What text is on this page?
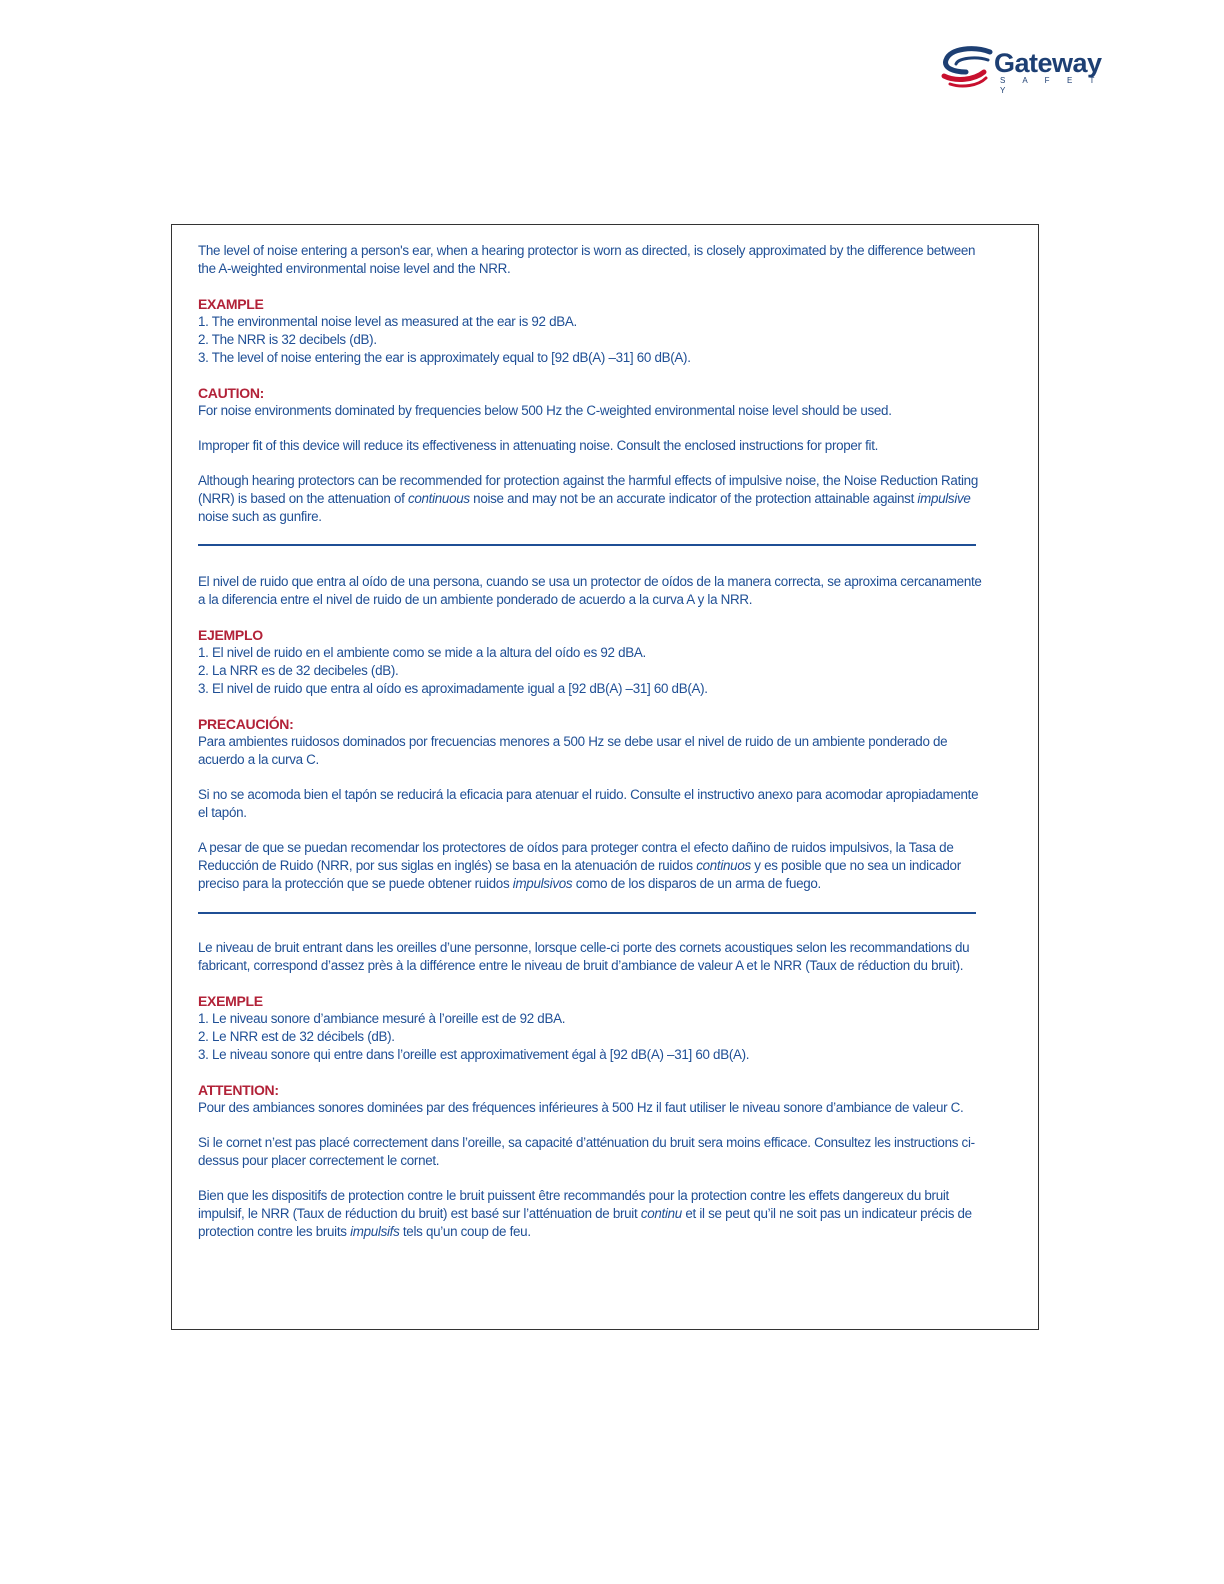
Gateway
S A F E T Y

The level of noise entering a person's ear, when a hearing protector is worn as directed, is closely approximated by the difference between the A-weighted environmental noise level and the NRR.

EXAMPLE

1. The environmental noise level as measured at the ear is 92 dBA.

2. The NRR is 32 decibels (dB).

3. The level of noise entering the ear is approximately equal to [92 dB(A) –31] 60 dB(A).

CAUTION:

For noise environments dominated by frequencies below 500 Hz the C-weighted environmental noise level should be used.

Improper fit of this device will reduce its effectiveness in attenuating noise. Consult the enclosed instructions for proper fit.

Although hearing protectors can be recommended for protection against the harmful effects of impulsive noise, the Noise Reduction Rating (NRR) is based on the attenuation of continuous noise and may not be an accurate indicator of the protection attainable against impulsive noise such as gunfire.

El nivel de ruido que entra al oído de una persona, cuando se usa un protector de oídos de la manera correcta, se aproxima cercanamente a la diferencia entre el nivel de ruido de un ambiente ponderado de acuerdo a la curva A y la NRR.

EJEMPLO

1. El nivel de ruido en el ambiente como se mide a la altura del oído es 92 dBA.

2. La NRR es de 32 decibeles (dB).

3. El nivel de ruido que entra al oído es aproximadamente igual a [92 dB(A) –31] 60 dB(A).

PRECAUCIÓN:

Para ambientes ruidosos dominados por frecuencias menores a 500 Hz se debe usar el nivel de ruido de un ambiente ponderado de acuerdo a la curva C.

Si no se acomoda bien el tapón se reducirá la eficacia para atenuar el ruido. Consulte el instructivo anexo para acomodar apropiadamente el tapón.

A pesar de que se puedan recomendar los protectores de oídos para proteger contra el efecto dañino de ruidos impulsivos, la Tasa de Reducción de Ruido (NRR, por sus siglas en inglés) se basa en la atenuación de ruidos continuos y es posible que no sea un indicador preciso para la protección que se puede obtener ruidos impulsivos como de los disparos de un arma de fuego.

Le niveau de bruit entrant dans les oreilles d’une personne, lorsque celle-ci porte des cornets acoustiques selon les recommandations du fabricant, correspond d’assez près à la différence entre le niveau de bruit d’ambiance de valeur A et le NRR (Taux de réduction du bruit).

EXEMPLE

1. Le niveau sonore d’ambiance mesuré à l’oreille est de 92 dBA.

2. Le NRR est de 32 décibels (dB).

3. Le niveau sonore qui entre dans l’oreille est approximativement égal à [92 dB(A) –31] 60 dB(A).

ATTENTION:

Pour des ambiances sonores dominées par des fréquences inférieures à 500 Hz il faut utiliser le niveau sonore d’ambiance de valeur C.

Si le cornet n’est pas placé correctement dans l’oreille, sa capacité d’atténuation du bruit sera moins efficace. Consultez les instructions ci-dessus pour placer correctement le cornet.

Bien que les dispositifs de protection contre le bruit puissent être recommandés pour la protection contre les effets dangereux du bruit impulsif, le NRR (Taux de réduction du bruit) est basé sur l’atténuation de bruit continu et il se peut qu’il ne soit pas un indicateur précis de protection contre les bruits impulsifs tels qu’un coup de feu.
